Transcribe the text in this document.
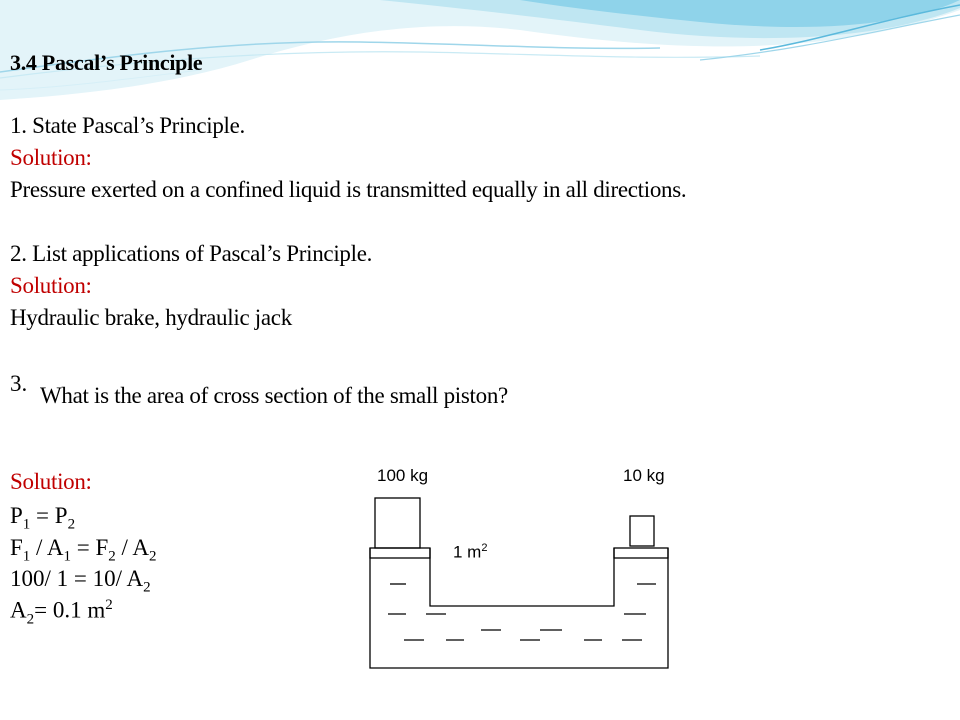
3.4 Pascal’s Principle
1. State Pascal’s Principle.
Solution:
Pressure exerted on a confined liquid is transmitted equally in all directions.
2. List applications of Pascal’s Principle.
Solution:
Hydraulic brake, hydraulic jack
3. What is the area of cross section of the small piston?
Solution:
$P_1 = P_2$
$F_1 / A_1 = F_2 / A_2$
100/ 1 = 10/ $A_2$
$A_2= 0.1$ $m^2$
100 kg	10 kg
1 $m^2$
